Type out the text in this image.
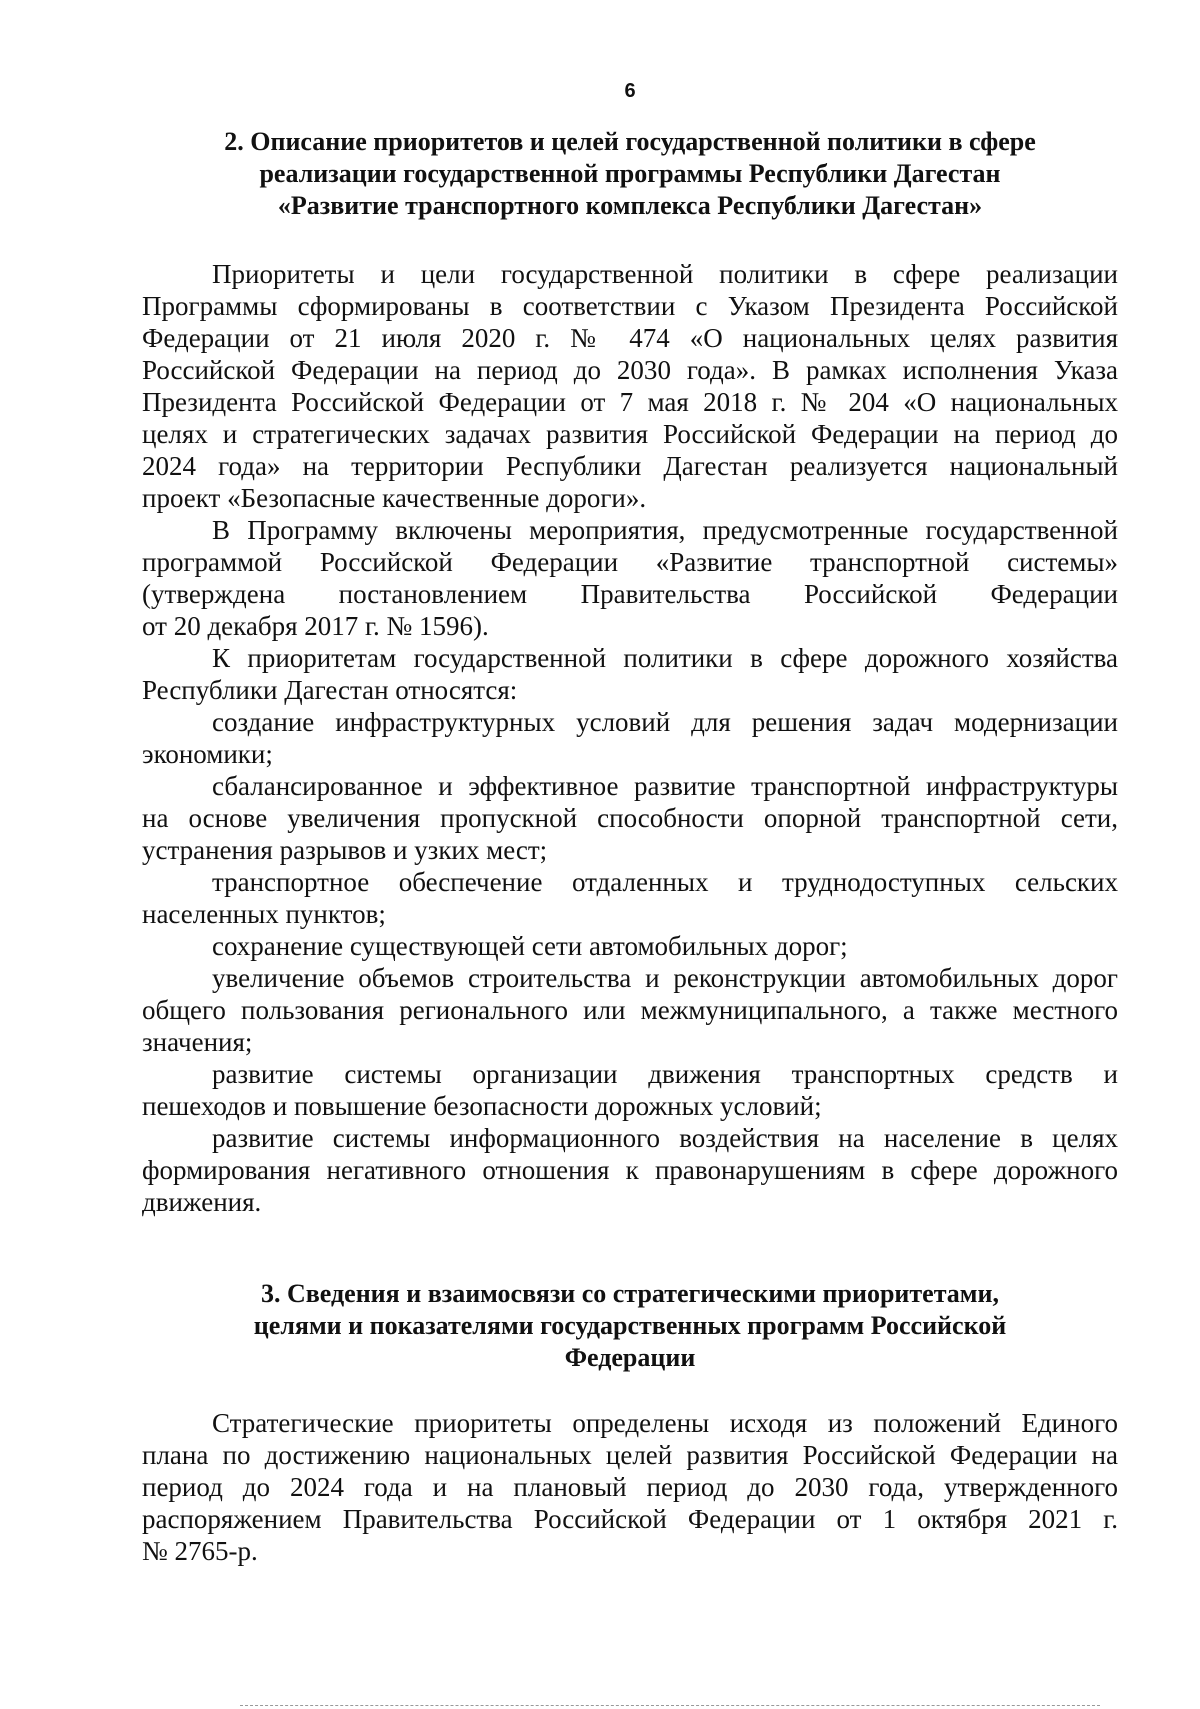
6
2. Описание приоритетов и целей государственной политики в сфере
реализации государственной программы Республики Дагестан
«Развитие транспортного комплекса Республики Дагестан»
Приоритеты и цели государственной политики в сфере реализации
Программы сформированы в соответствии с Указом Президента Российской
Федерации от 21 июля 2020 г. № 474 «О национальных целях развития
Российской Федерации на период до 2030 года». В рамках исполнения Указа
Президента Российской Федерации от 7 мая 2018 г. № 204 «О национальных
целях и стратегических задачах развития Российской Федерации на период до
2024 года» на территории Республики Дагестан реализуется национальный
проект «Безопасные качественные дороги».
В Программу включены мероприятия, предусмотренные государственной
программой Российской Федерации «Развитие транспортной системы»
(утверждена постановлением Правительства Российской Федерации
от 20 декабря 2017 г. № 1596).
К приоритетам государственной политики в сфере дорожного хозяйства
Республики Дагестан относятся:
создание инфраструктурных условий для решения задач модернизации
экономики;
сбалансированное и эффективное развитие транспортной инфраструктуры
на основе увеличения пропускной способности опорной транспортной сети,
устранения разрывов и узких мест;
транспортное обеспечение отдаленных и труднодоступных сельских
населенных пунктов;
сохранение существующей сети автомобильных дорог;
увеличение объемов строительства и реконструкции автомобильных дорог
общего пользования регионального или межмуниципального, а также местного
значения;
развитие системы организации движения транспортных средств и
пешеходов и повышение безопасности дорожных условий;
развитие системы информационного воздействия на население в целях
формирования негативного отношения к правонарушениям в сфере дорожного
движения.
3. Сведения и взаимосвязи со стратегическими приоритетами,
целями и показателями государственных программ Российской
Федерации
Стратегические приоритеты определены исходя из положений Единого
плана по достижению национальных целей развития Российской Федерации на
период до 2024 года и на плановый период до 2030 года, утвержденного
распоряжением Правительства Российской Федерации от 1 октября 2021 г.
№ 2765-р.
